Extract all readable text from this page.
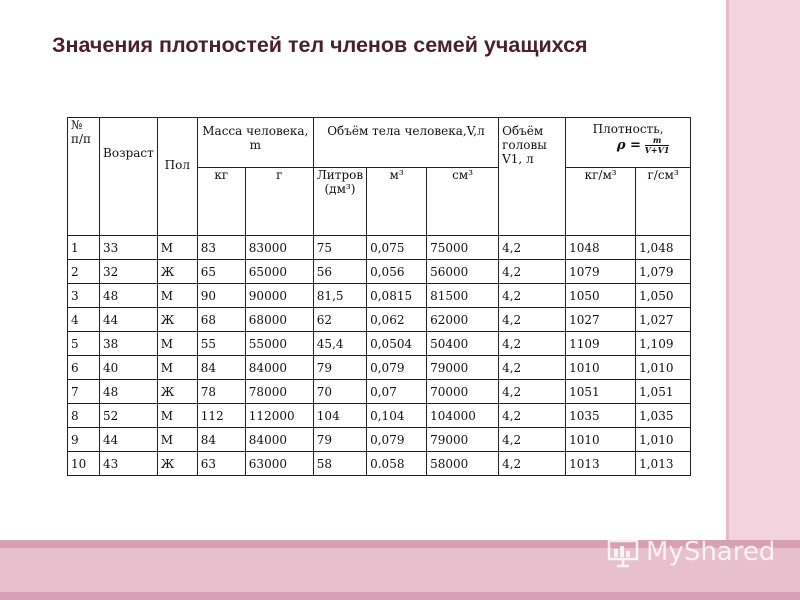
MyShared
Значения плотностей тел членов семей учащихся
№ п/п	Возраст	Пол	Масса человека, m		Объём тела человека,V,л			Объём головы V1, л	Плотность,
$\rho = \frac{m}{V+V1}$

			кг	г	Литров (дм³)	м³	см³		кг/м³	г/см³
1	33	М	83	83000	75	0,075	75000	4,2	1048	1,048
2	32	Ж	65	65000	56	0,056	56000	4,2	1079	1,079
3	48	М	90	90000	81,5	0,0815	81500	4,2	1050	1,050
4	44	Ж	68	68000	62	0,062	62000	4,2	1027	1,027
5	38	М	55	55000	45,4	0,0504	50400	4,2	1109	1,109
6	40	М	84	84000	79	0,079	79000	4,2	1010	1,010
7	48	Ж	78	78000	70	0,07	70000	4,2	1051	1,051
8	52	М	112	112000	104	0,104	104000	4,2	1035	1,035
9	44	М	84	84000	79	0,079	79000	4,2	1010	1,010
10	43	Ж	63	63000	58	0.058	58000	4,2	1013	1,013
